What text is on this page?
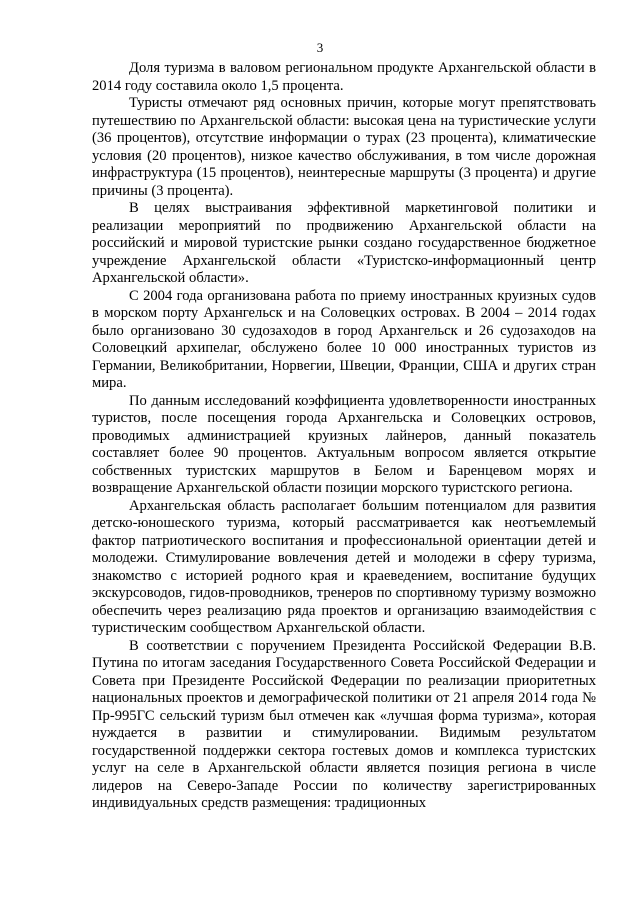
3

Доля туризма в валовом региональном продукте Архангельской области в 2014 году составила около 1,5 процента.

Туристы отмечают ряд основных причин, которые могут препятствовать путешествию по Архангельской области: высокая цена на туристические услуги (36 процентов), отсутствие информации о турах (23 процента), климатические условия (20 процентов), низкое качество обслуживания, в том числе дорожная инфраструктура (15 процентов), неинтересные маршруты (3 процента) и другие причины (3 процента).

В целях выстраивания эффективной маркетинговой политики и реализации мероприятий по продвижению Архангельской области на российский и мировой туристские рынки создано государственное бюджетное учреждение Архангельской области «Туристско-информационный центр Архангельской области».

С 2004 года организована работа по приему иностранных круизных судов в морском порту Архангельск и на Соловецких островах. В 2004 – 2014 годах было организовано 30 судозаходов в город Архангельск и 26 судозаходов на Соловецкий архипелаг, обслужено более 10 000 иностранных туристов из Германии, Великобритании, Норвегии, Швеции, Франции, США и других стран мира.

По данным исследований коэффициента удовлетворенности иностранных туристов, после посещения города Архангельска и Соловецких островов, проводимых администрацией круизных лайнеров, данный показатель составляет более 90 процентов. Актуальным вопросом является открытие собственных туристских маршрутов в Белом и Баренцевом морях и возвращение Архангельской области позиции морского туристского региона.

Архангельская область располагает большим потенциалом для развития детско-юношеского туризма, который рассматривается как неотъемлемый фактор патриотического воспитания и профессиональной ориентации детей и молодежи. Стимулирование вовлечения детей и молодежи в сферу туризма, знакомство с историей родного края и краеведением, воспитание будущих экскурсоводов, гидов-проводников, тренеров по спортивному туризму возможно обеспечить через реализацию ряда проектов и организацию взаимодействия с туристическим сообществом Архангельской области.

В соответствии с поручением Президента Российской Федерации В.В. Путина по итогам заседания Государственного Совета Российской Федерации и Совета при Президенте Российской Федерации по реализации приоритетных национальных проектов и демографической политики от 21 апреля 2014 года № Пр-995ГС сельский туризм был отмечен как «лучшая форма туризма», которая нуждается в развитии и стимулировании. Видимым результатом государственной поддержки сектора гостевых домов и комплекса туристских услуг на селе в Архангельской области является позиция региона в числе лидеров на Северо-Западе России по количеству зарегистрированных индивидуальных средств размещения: традиционных
